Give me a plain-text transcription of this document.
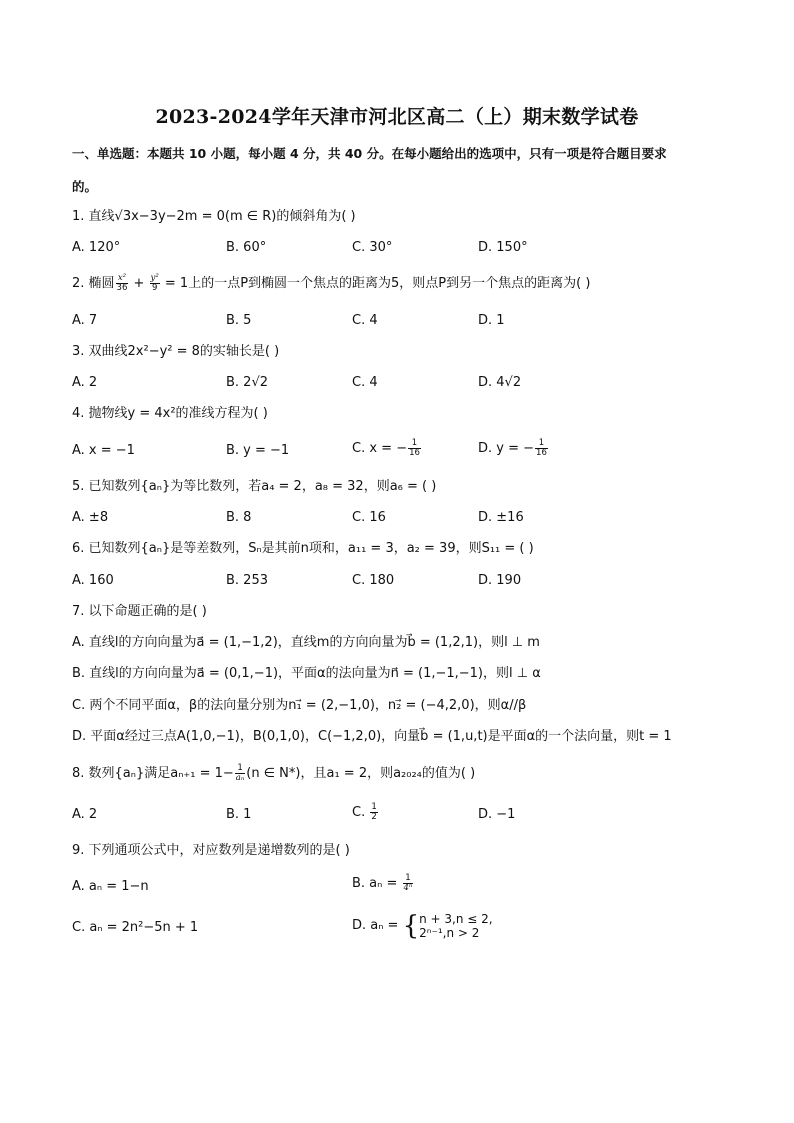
2023-2024学年天津市河北区高二（上）期末数学试卷
一、单选题：本题共 10 小题，每小题 4 分，共 40 分。在每小题给出的选项中，只有一项是符合题目要求
的。
1. 直线√3x−3y−2m = 0(m ∈ R)的倾斜角为( )
A. 120°	B. 60°	C. 30°	D. 150°
2. 椭圆 $\frac{\text{x²}}{36} + \frac{\text{y²}}{9} = 1$上的一点P到椭圆一个焦点的距离为5，则点P到另一个焦点的距离为( )
A. 7	B. 5	C. 4	D. 1
3. 双曲线2x²−y² = 8的实轴长是( )
A. 2	B. 2√2	C. 4	D. 4√2
4. 抛物线y = 4x²的准线方程为( )
A. x = −1	B. y = −1	C. x = − $\frac{1}{16}$	D. y = − $\frac{1}{16}$
5. 已知数列{aₙ}为等比数列，若a₄ = 2，a₈ = 32，则a₆ = ( )
A. ±8	B. 8	C. 16	D. ±16
6. 已知数列{aₙ}是等差数列，Sₙ是其前n项和，a₁₁ = 3，a₂ = 39，则S₁₁ = ( )
A. 160	B. 253	C. 180	D. 190
7. 以下命题正确的是( )
A. 直线l的方向向量为a⃗ = (1,−1,2)，直线m的方向向量为b⃗ = (1,2,1)，则l ⊥ m
B. 直线l的方向向量为a⃗ = (0,1,−1)，平面α的法向量为n⃗ = (1,−1,−1)，则l ⊥ α
C. 两个不同平面α，β的法向量分别为n₁⃗ = (2,−1,0)，n₂⃗ = (−4,2,0)，则α//β
D. 平面α经过三点A(1,0,−1)，B(0,1,0)，C(−1,2,0)，向量b⃗ = (1,u,t)是平面α的一个法向量，则t = 1
8. 数列{aₙ}满足$a_{n+1} = 1- \frac{1}{\text{aₙ}} (n$ ∈ N*)，且a₁ = 2，则a₂₀₂₄的值为( )
A. 2	B. 1	C. $\frac{1}{2}$	D. −1
9. 下列通项公式中，对应数列是递增数列的是( )
A. aₙ = 1−n	B. $a_n = \frac{1}{\text{4ⁿ}}$
C. aₙ = 2n²−5n + 1	D. aₙ = { n + 3,n ≤ 2,
2ⁿ⁻¹,n > 2
